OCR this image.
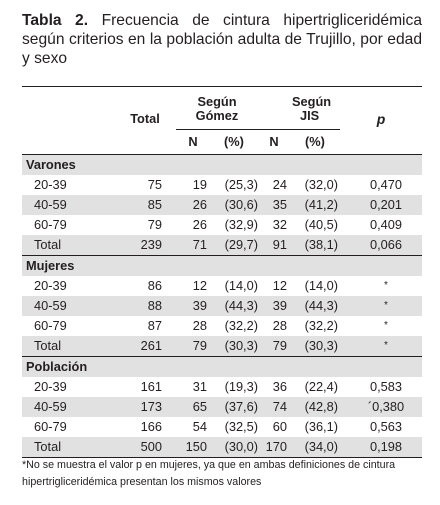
Tabla 2. Frecuencia de cintura hipertrigliceridémica según criterios en la población adulta de Trujillo, por edad y sexo
		Según			Según	
	Total	Gómez			JIS	p
		N	(%)	N	(%)	
Varones						
20-39	75	19	(25,3)	24	(32,0)	0,470
40-59	85	26	(30,6)	35	(41,2)	0,201
60-79	79	26	(32,9)	32	(40,5)	0,409
Total	239	71	(29,7)	91	(38,1)	0,066
Mujeres						
20-39	86	12	(14,0)	12	(14,0)	*
40-59	88	39	(44,3)	39	(44,3)	*
60-79	87	28	(32,2)	28	(32,2)	*
Total	261	79	(30,3)	79	(30,3)	*
Población						
20-39	161	31	(19,3)	36	(22,4)	0,583
40-59	173	65	(37,6)	74	(42,8)	´0,380
60-79	166	54	(32,5)	60	(36,1)	0,563
Total	500	150	(30,0)	170	(34,0)	0,198
*No se muestra el valor p en mujeres, ya que en ambas definiciones de cintura hipertrigliceridémica presentan los mismos valores
